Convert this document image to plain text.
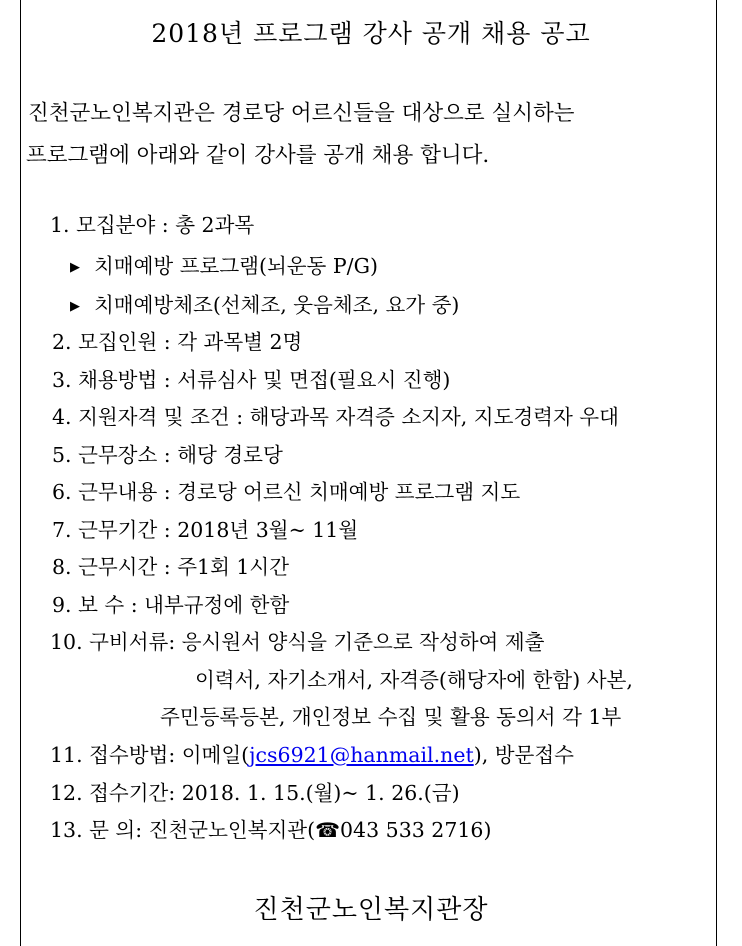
2018년 프로그램 강사 공개 채용 공고
진천군노인복지관은 경로당 어르신들을 대상으로 실시하는
프로그램에 아래와 같이 강사를 공개 채용 합니다.
1. 모집분야 : 총 2과목
▶ 치매예방 프로그램(뇌운동 P/G)
▶ 치매예방체조(선체조, 웃음체조, 요가 중)
2. 모집인원 : 각 과목별 2명
3. 채용방법 : 서류심사 및 면접(필요시 진행)
4. 지원자격 및 조건 : 해당과목 자격증 소지자, 지도경력자 우대
5. 근무장소 : 해당 경로당
6. 근무내용 : 경로당 어르신 치매예방 프로그램 지도
7. 근무기간 : 2018년 3월~ 11월
8. 근무시간 : 주1회 1시간
9. 보 수 : 내부규정에 한함
10. 구비서류: 응시원서 양식을 기준으로 작성하여 제출
이력서, 자기소개서, 자격증(해당자에 한함) 사본,
주민등록등본, 개인정보 수집 및 활용 동의서 각 1부
11. 접수방법: 이메일(jcs6921@hanmail.net), 방문접수
12. 접수기간: 2018. 1. 15.(월)~ 1. 26.(금)
13. 문 의: 진천군노인복지관(☎043 533 2716)
진천군노인복지관장
